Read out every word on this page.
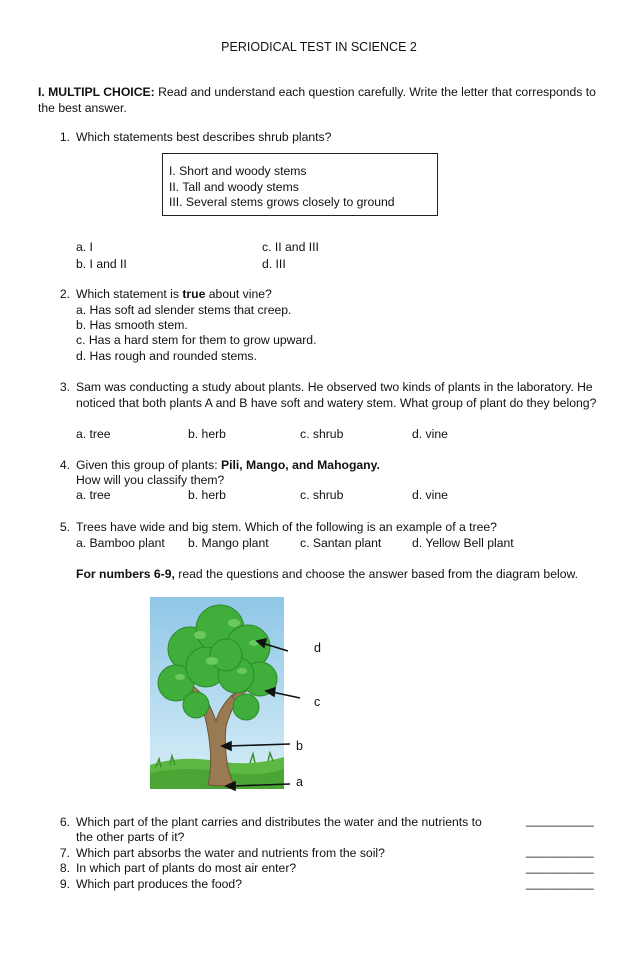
PERIODICAL TEST IN SCIENCE 2
I. MULTIPL CHOICE: Read and understand each question carefully. Write the letter that corresponds to the best answer.
1. Which statements best describes shrub plants?
I. Short and woody stems
II. Tall and woody stems
III. Several stems grows closely to ground
a. I	c. II and III
b. I and II	d. III
2. Which statement is true about vine?
a. Has soft ad slender stems that creep.
b. Has smooth stem.
c. Has a hard stem for them to grow upward.
d. Has rough and rounded stems.
3. Sam was conducting a study about plants. He observed two kinds of plants in the laboratory. He noticed that both plants A and B have soft and watery stem. What group of plant do they belong?
a. tree	b. herb	c. shrub	d. vine
4. Given this group of plants: Pili, Mango, and Mahogany.
How will you classify them?
a. tree	b. herb	c. shrub	d. vine
5. Trees have wide and big stem. Which of the following is an example of a tree?
a. Bamboo plant b. Mango plant	c. Santan plant	d. Yellow Bell plant
For numbers 6-9, read the questions and choose the answer based from the diagram below.
d
c
b
a
6. Which part of the plant carries and distributes the water and the nutrients to
the other parts of it?
__________
7. Which part absorbs the water and nutrients from the soil?	__________
8. In which part of plants do most air enter?	__________
9. Which part produces the food?	__________
